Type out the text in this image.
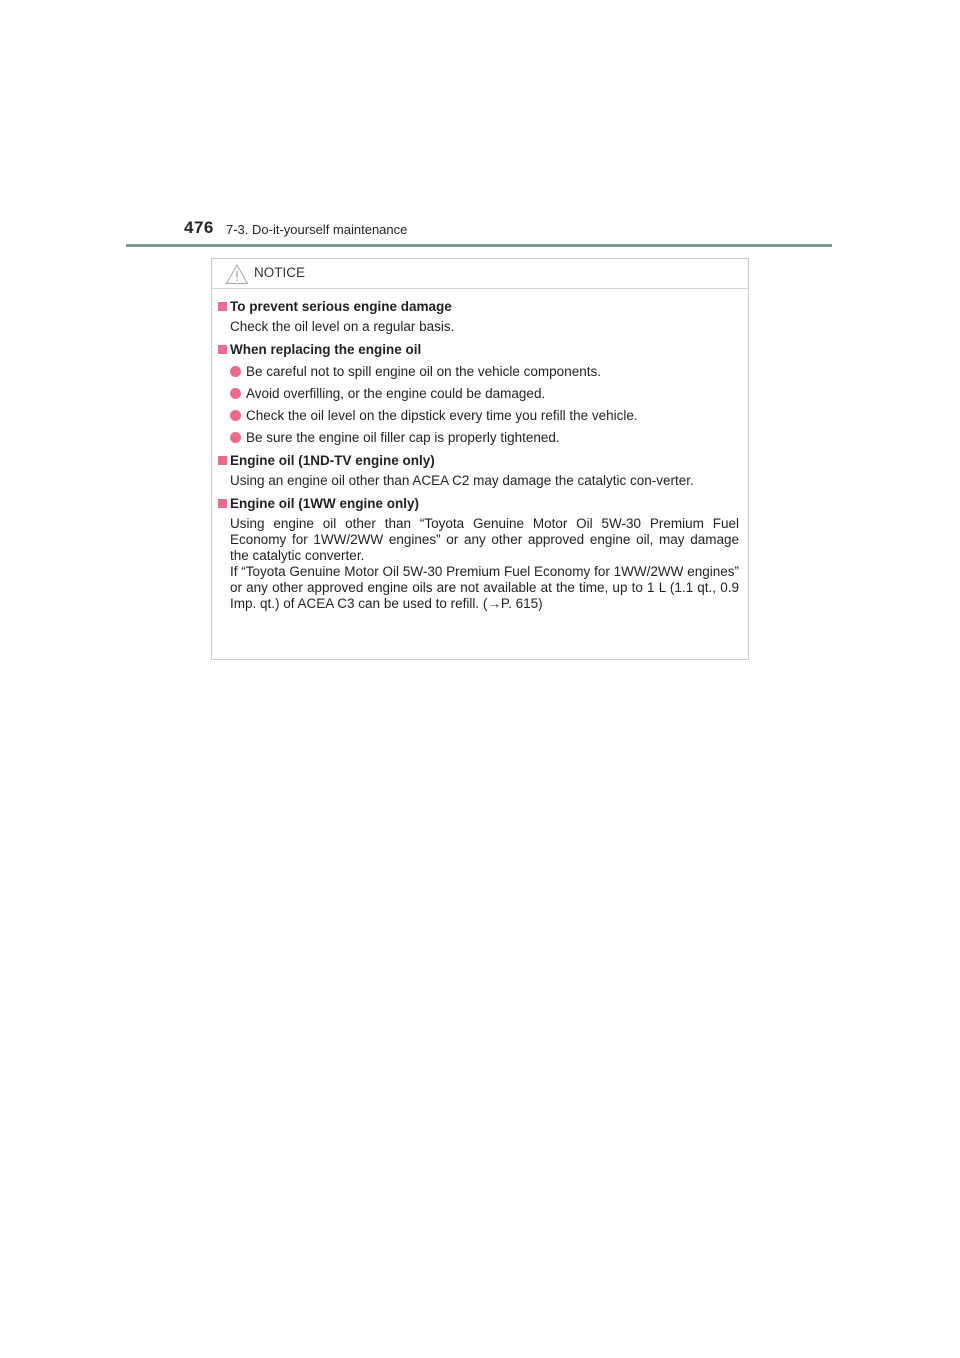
476 7-3. Do-it-yourself maintenance
NOTICE
To prevent serious engine damage
Check the oil level on a regular basis.
When replacing the engine oil
Be careful not to spill engine oil on the vehicle components.
Avoid overfilling, or the engine could be damaged.
Check the oil level on the dipstick every time you refill the vehicle.
Be sure the engine oil filler cap is properly tightened.
Engine oil (1ND-TV engine only)
Using an engine oil other than ACEA C2 may damage the catalytic con-verter.
Engine oil (1WW engine only)
Using engine oil other than “Toyota Genuine Motor Oil 5W-30 Premium Fuel Economy for 1WW/2WW engines” or any other approved engine oil, may damage the catalytic converter.
If “Toyota Genuine Motor Oil 5W-30 Premium Fuel Economy for 1WW/2WW engines” or any other approved engine oils are not available at the time, up to 1 L (1.1 qt., 0.9 Imp. qt.) of ACEA C3 can be used to refill. (→P. 615)
